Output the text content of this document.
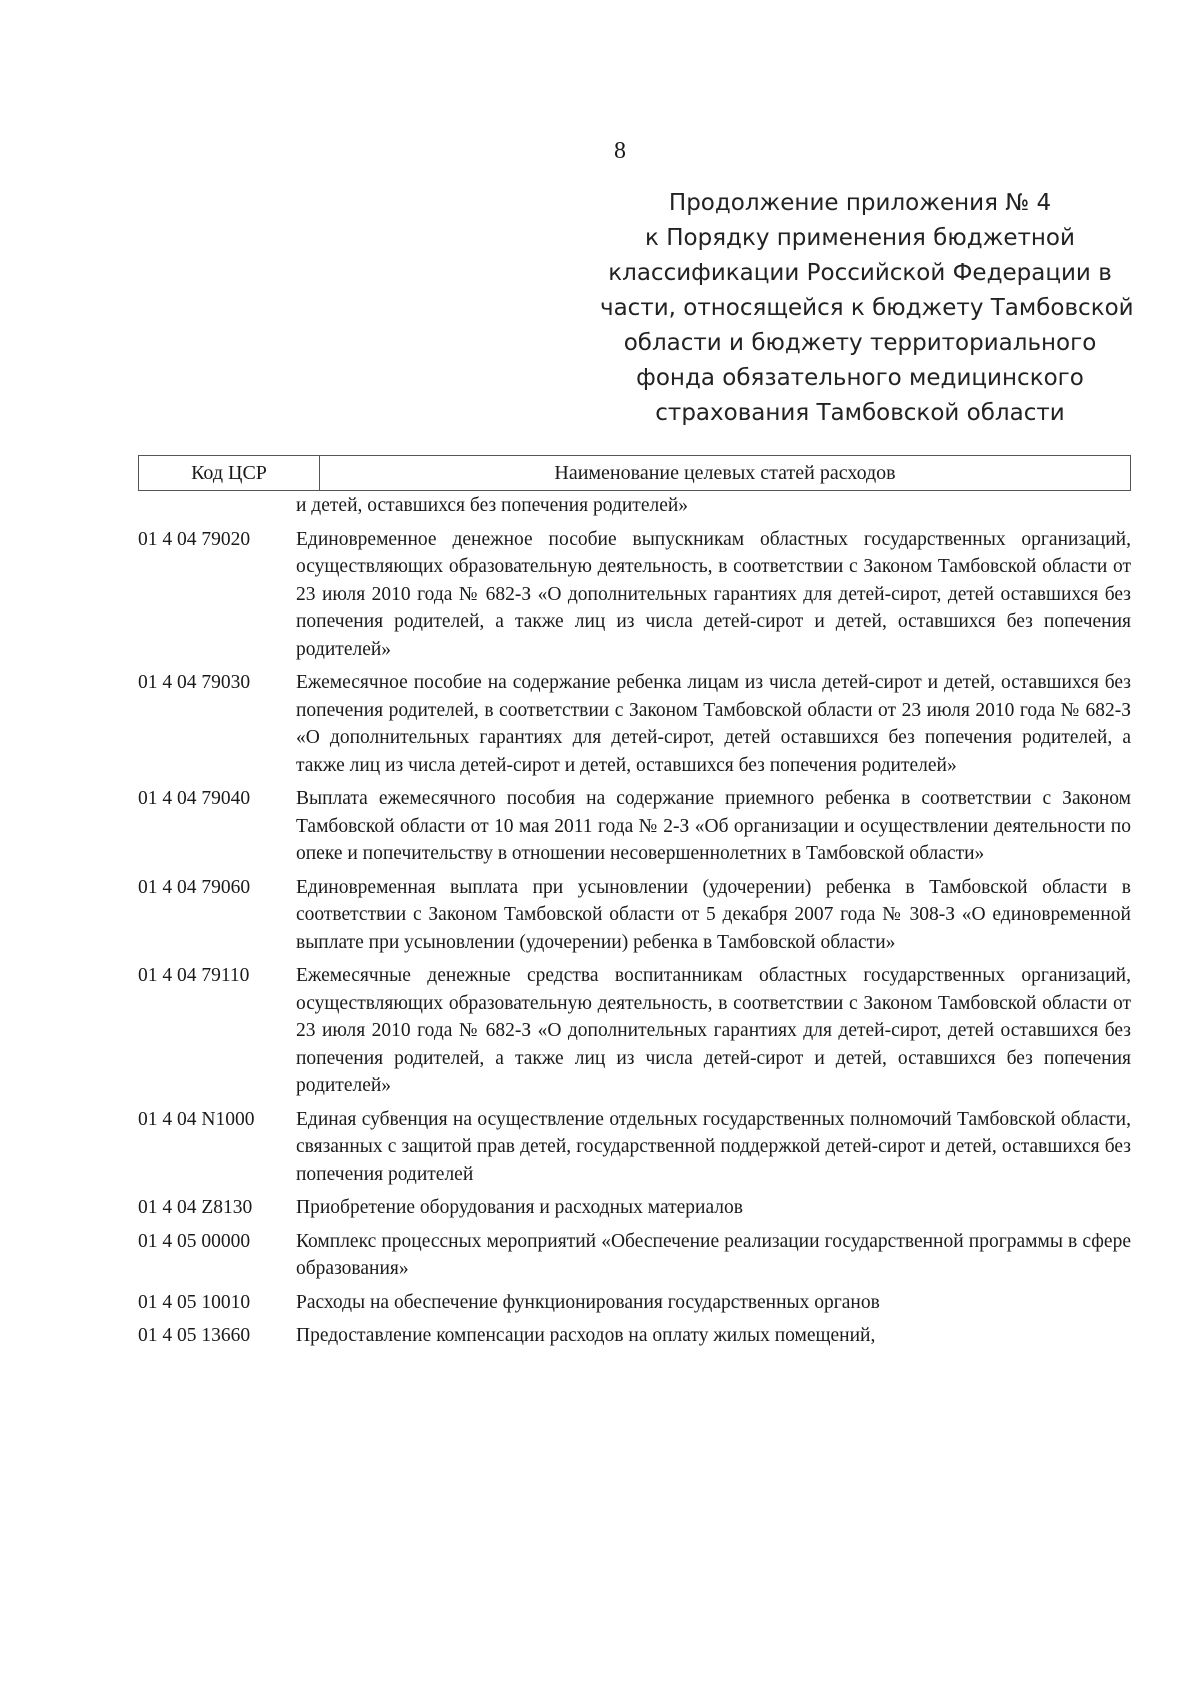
8
Продолжение приложения № 4
к Порядку применения бюджетной
классификации Российской Федерации в
части, относящейся к бюджету Тамбовской
области и бюджету территориального
фонда обязательного медицинского
страхования Тамбовской области
Код ЦСР	Наименование целевых статей расходов
и детей, оставшихся без попечения родителей»
01 4 04 79020	Единовременное денежное пособие выпускникам областных государственных организаций, осуществляющих образовательную деятельность, в соответствии с Законом Тамбовской области от 23 июля 2010 года № 682-З «О дополнительных гарантиях для детей-сирот, детей оставшихся без попечения родителей, а также лиц из числа детей-сирот и детей, оставшихся без попечения родителей»
01 4 04 79030	Ежемесячное пособие на содержание ребенка лицам из числа детей-сирот и детей, оставшихся без попечения родителей, в соответствии с Законом Тамбовской области от 23 июля 2010 года № 682-З «О дополнительных гарантиях для детей-сирот, детей оставшихся без попечения родителей, а также лиц из числа детей-сирот и детей, оставшихся без попечения родителей»
01 4 04 79040	Выплата ежемесячного пособия на содержание приемного ребенка в соответствии с Законом Тамбовской области от 10 мая 2011 года № 2-З «Об организации и осуществлении деятельности по опеке и попечительству в отношении несовершеннолетних в Тамбовской области»
01 4 04 79060	Единовременная выплата при усыновлении (удочерении) ребенка в Тамбовской области в соответствии с Законом Тамбовской области от 5 декабря 2007 года № 308-З «О единовременной выплате при усыновлении (удочерении) ребенка в Тамбовской области»
01 4 04 79110	Ежемесячные денежные средства воспитанникам областных государственных организаций, осуществляющих образовательную деятельность, в соответствии с Законом Тамбовской области от 23 июля 2010 года № 682-З «О дополнительных гарантиях для детей-сирот, детей оставшихся без попечения родителей, а также лиц из числа детей-сирот и детей, оставшихся без попечения родителей»
01 4 04 N1000	Единая субвенция на осуществление отдельных государственных полномочий Тамбовской области, связанных с защитой прав детей, государственной поддержкой детей-сирот и детей, оставшихся без попечения родителей
01 4 04 Z8130	Приобретение оборудования и расходных материалов
01 4 05 00000	Комплекс процессных мероприятий «Обеспечение реализации государственной программы в сфере образования»
01 4 05 10010	Расходы на обеспечение функционирования государственных органов
01 4 05 13660	Предоставление компенсации расходов на оплату жилых помещений,
